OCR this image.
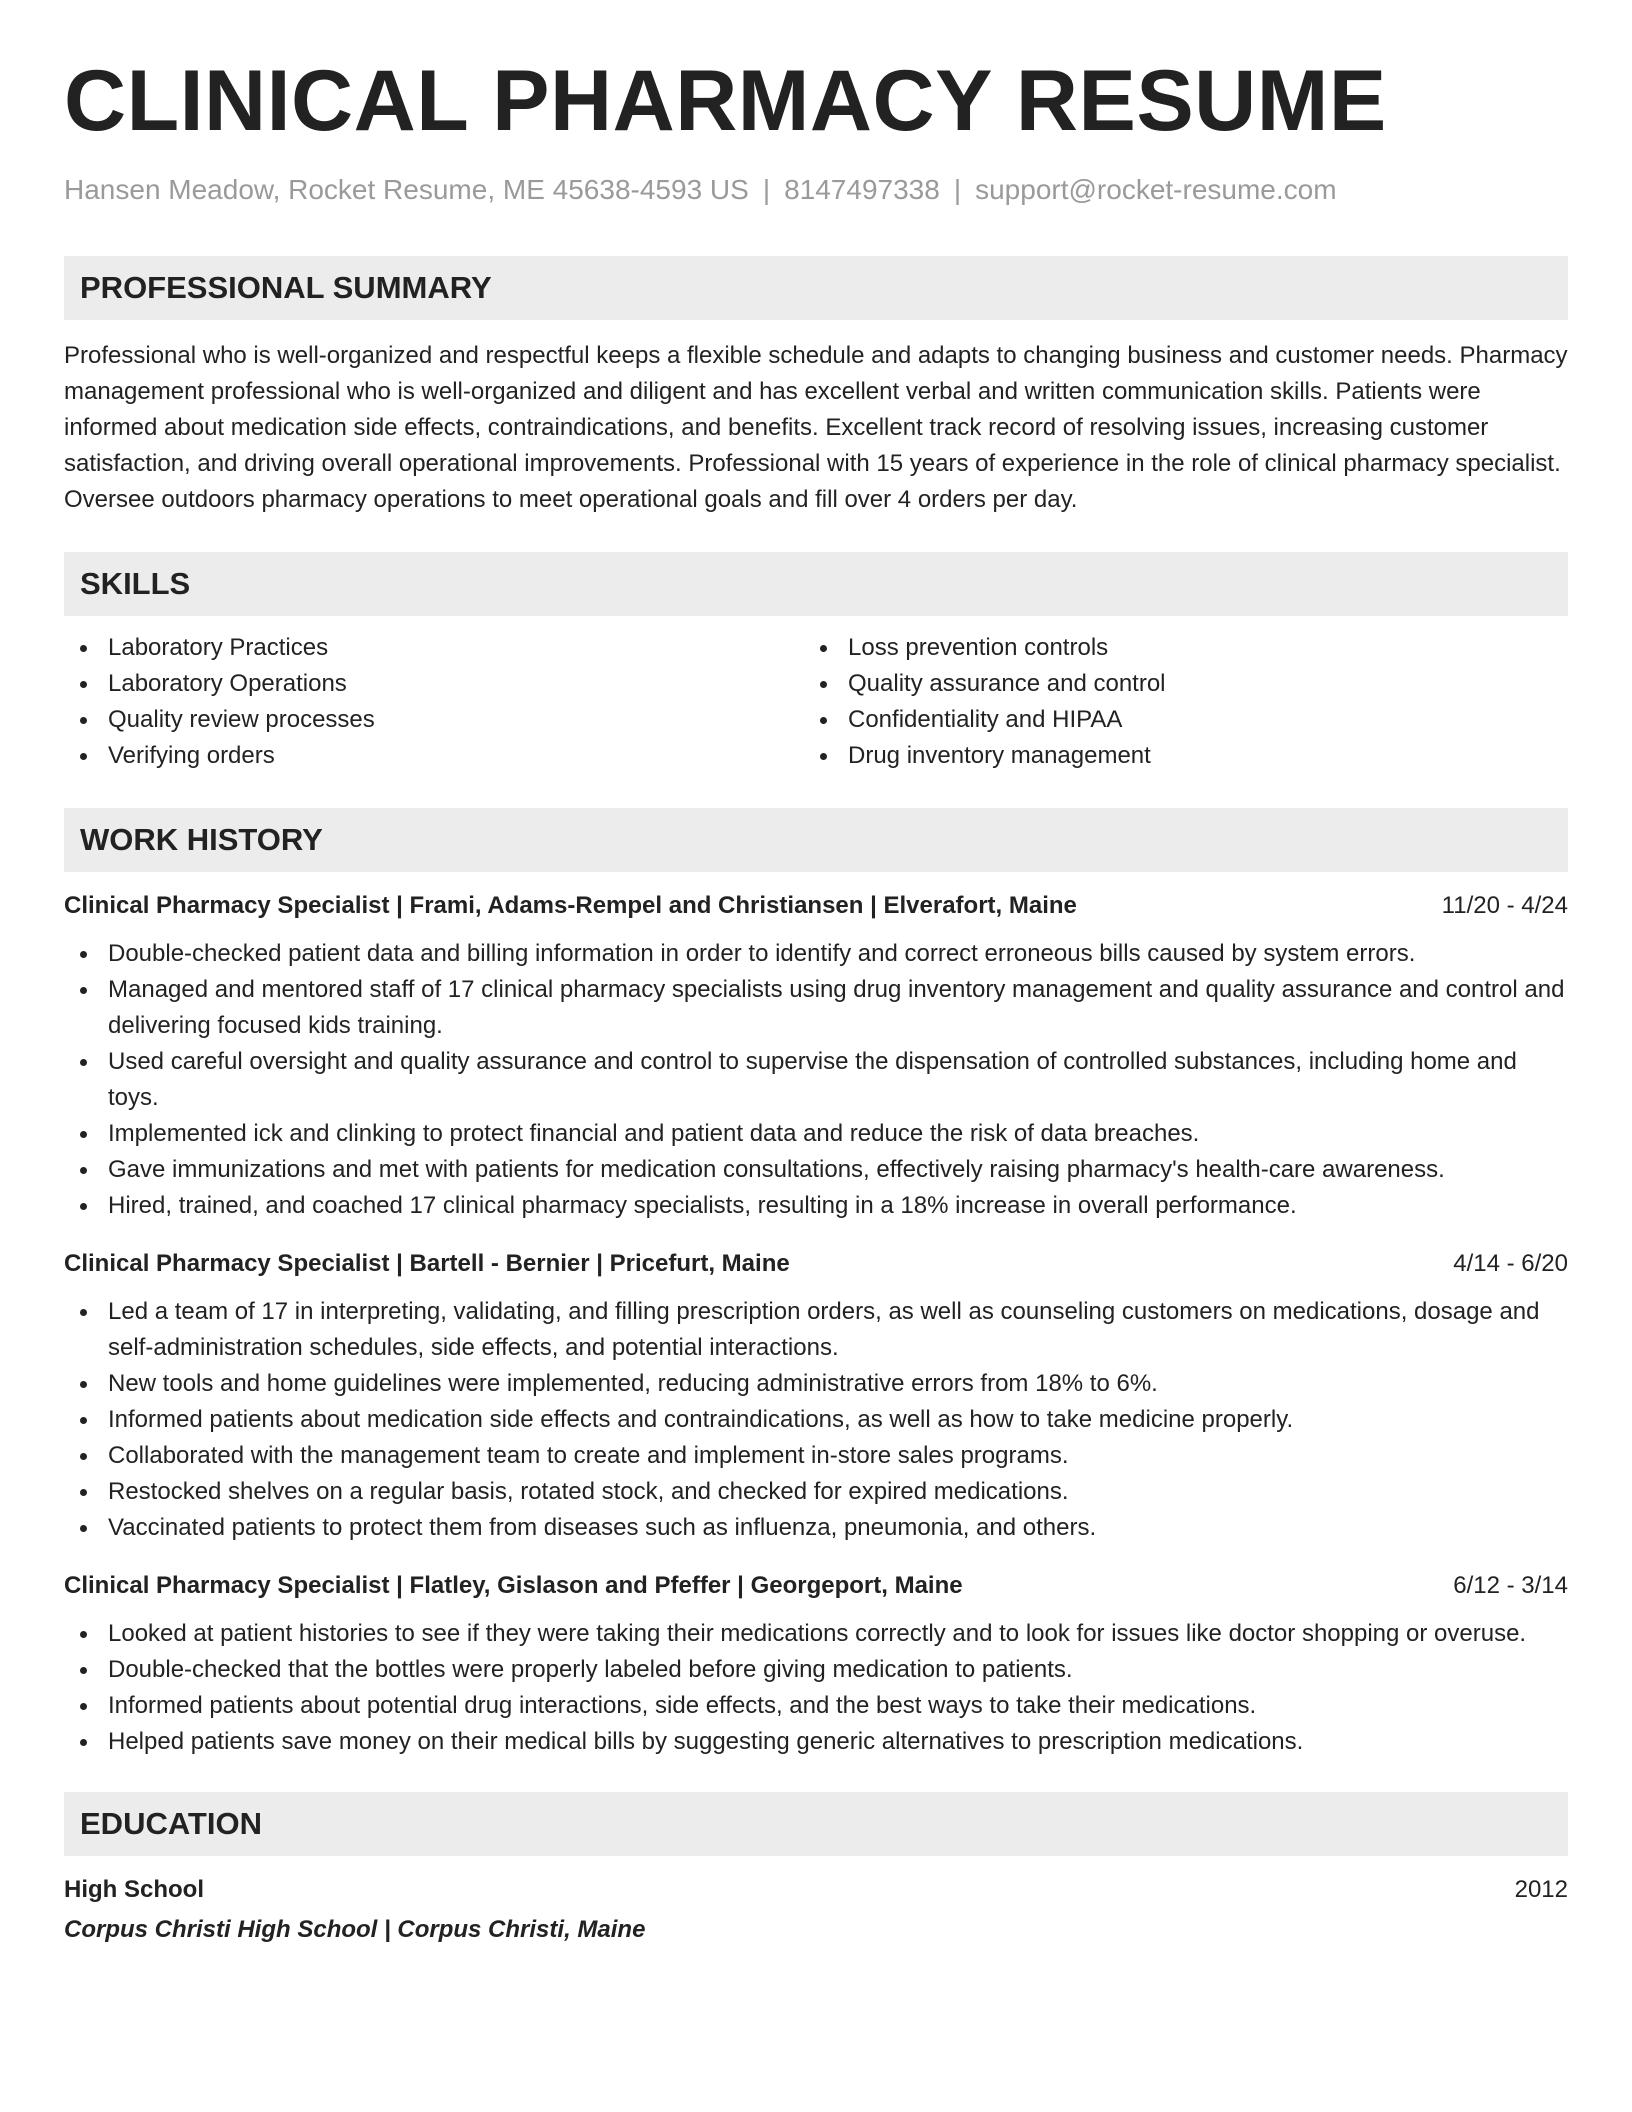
CLINICAL PHARMACY RESUME
Hansen Meadow, Rocket Resume, ME 45638-4593 US | 8147497338 | support@rocket-resume.com
PROFESSIONAL SUMMARY
Professional who is well-organized and respectful keeps a flexible schedule and adapts to changing business and customer needs. Pharmacy management professional who is well-organized and diligent and has excellent verbal and written communication skills. Patients were informed about medication side effects, contraindications, and benefits. Excellent track record of resolving issues, increasing customer satisfaction, and driving overall operational improvements. Professional with 15 years of experience in the role of clinical pharmacy specialist. Oversee outdoors pharmacy operations to meet operational goals and fill over 4 orders per day.
SKILLS
Laboratory Practices
Laboratory Operations
Quality review processes
Verifying orders
Loss prevention controls
Quality assurance and control
Confidentiality and HIPAA
Drug inventory management
WORK HISTORY
Clinical Pharmacy Specialist | Frami, Adams-Rempel and Christiansen | Elverafort, Maine	11/20 - 4/24
Double-checked patient data and billing information in order to identify and correct erroneous bills caused by system errors.
Managed and mentored staff of 17 clinical pharmacy specialists using drug inventory management and quality assurance and control and delivering focused kids training.
Used careful oversight and quality assurance and control to supervise the dispensation of controlled substances, including home and toys.
Implemented ick and clinking to protect financial and patient data and reduce the risk of data breaches.
Gave immunizations and met with patients for medication consultations, effectively raising pharmacy's health-care awareness.
Hired, trained, and coached 17 clinical pharmacy specialists, resulting in a 18% increase in overall performance.
Clinical Pharmacy Specialist | Bartell - Bernier | Pricefurt, Maine	4/14 - 6/20
Led a team of 17 in interpreting, validating, and filling prescription orders, as well as counseling customers on medications, dosage and self-administration schedules, side effects, and potential interactions.
New tools and home guidelines were implemented, reducing administrative errors from 18% to 6%.
Informed patients about medication side effects and contraindications, as well as how to take medicine properly.
Collaborated with the management team to create and implement in-store sales programs.
Restocked shelves on a regular basis, rotated stock, and checked for expired medications.
Vaccinated patients to protect them from diseases such as influenza, pneumonia, and others.
Clinical Pharmacy Specialist | Flatley, Gislason and Pfeffer | Georgeport, Maine	6/12 - 3/14
Looked at patient histories to see if they were taking their medications correctly and to look for issues like doctor shopping or overuse.
Double-checked that the bottles were properly labeled before giving medication to patients.
Informed patients about potential drug interactions, side effects, and the best ways to take their medications.
Helped patients save money on their medical bills by suggesting generic alternatives to prescription medications.
EDUCATION
High School	2012
Corpus Christi High School | Corpus Christi, Maine
